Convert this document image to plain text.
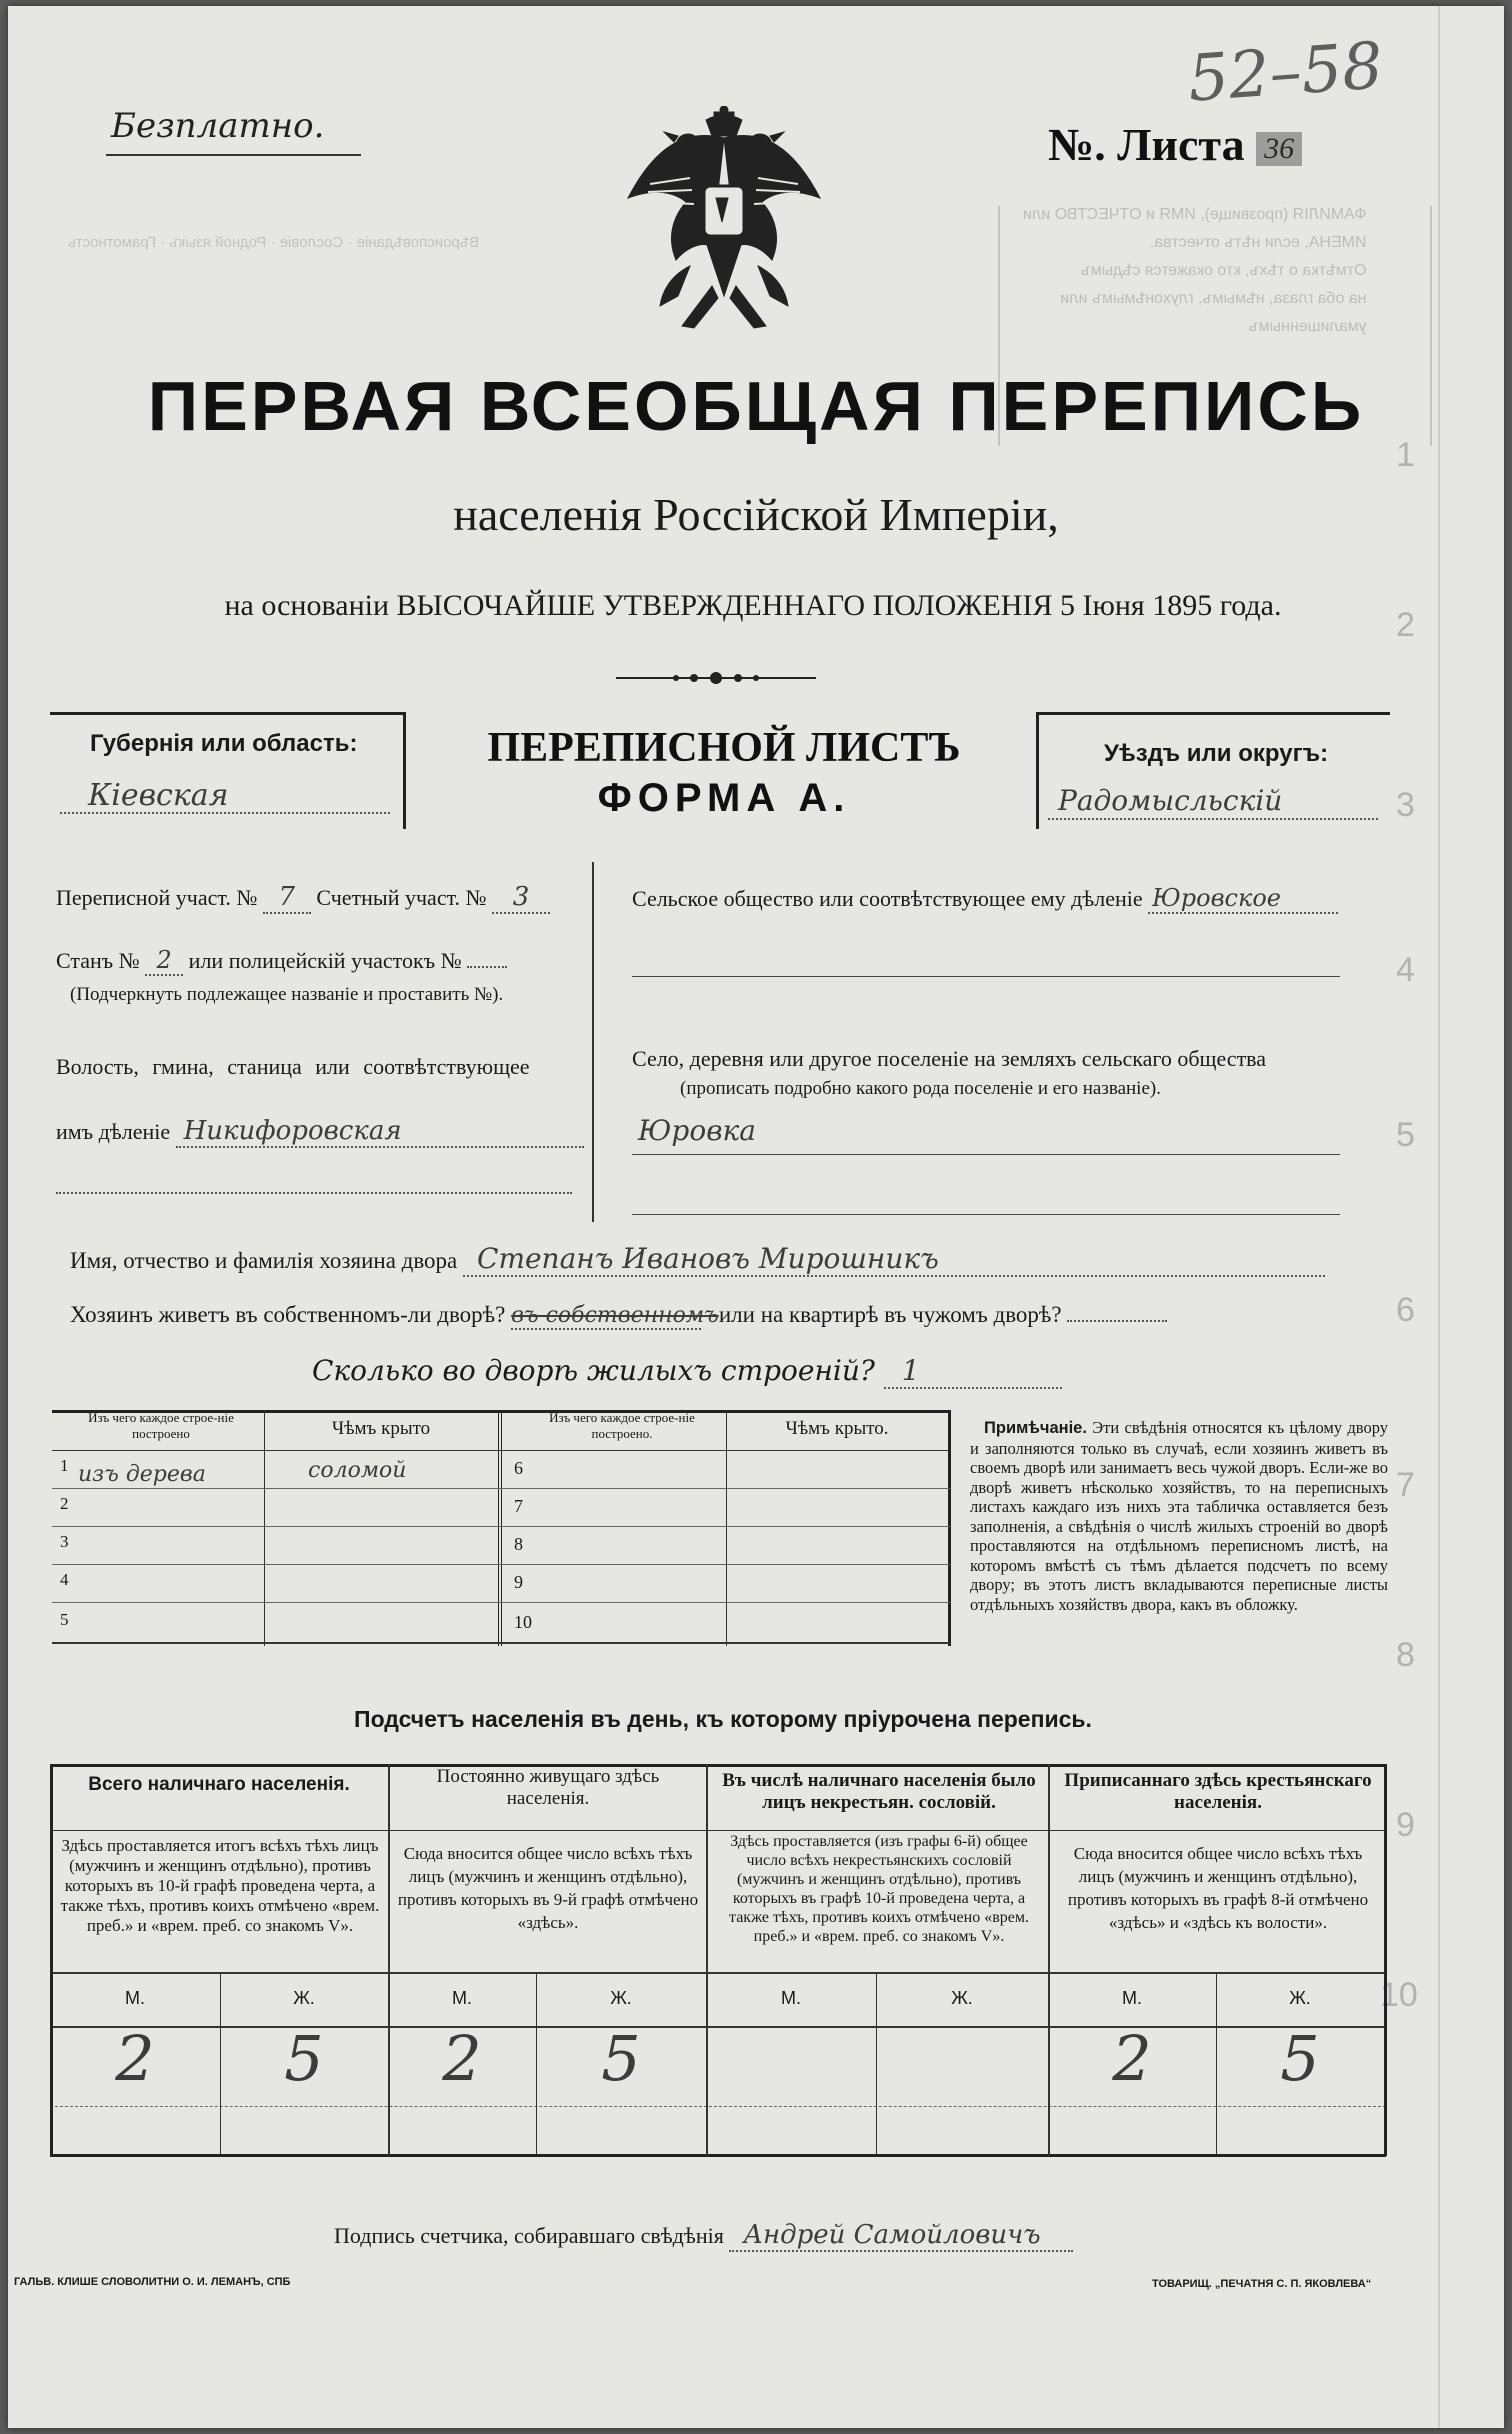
ФАМИЛІЯ (прозвище), ИМЯ и ОТЧЕСТВО или
ИМЕНА, если нѣтъ отчества.
Отмѣтка о тѣхъ, кто окажется сѣдымъ
на оба глаза, нѣмымъ, глухонѣмымъ или
умалишеннымъ
Вѣроисповѣданіе · Сословіе · Родной языкъ · Грамотность
1
2
3
4
5
6
7
8
9
10
Безплатно.	№. Листа 36
52–58
ПЕРВАЯ ВСЕОБЩАЯ ПЕРЕПИСЬ
населенія Россійской Имперіи,
на основаніи ВЫСОЧАЙШЕ УТВЕРЖДЕННАГО ПОЛОЖЕНІЯ 5 Іюня 1895 года.
Губернія или область:
Кіевская
ПЕРЕПИСНОЙ ЛИСТЪ
ФОРМА А.
Уѣздъ или округъ:
Радомысльскій
Переписной участ. № 7 Счетный участ. № 3
Станъ № 2 или полицейскій участокъ №
(Подчеркнуть подлежащее названіе и проставить №).
Волость, гмина, станица или соотвѣтствующее
имъ дѣленіе Никифоровская
Сельское общество или соотвѣтствующее ему дѣленіе Юровское
Село, деревня или другое поселеніе на земляхъ сельскаго общества
(прописать подробно какого рода поселеніе и его названіе).
Юровка
Имя, отчество и фамилія хозяина двора Степанъ Ивановъ Мирошникъ
Хозяинъ живетъ въ собственномъ-ли дворѣ? въ собственномъ или на квартирѣ въ чужомъ дворѣ?
Сколько во дворѣ жилыхъ строеній? 1
Изъ чего каждое строе-ніе построено	Чѣмъ крыто
Изъ чего каждое строе-ніе построено.	Чѣмъ крыто.
1 изъ дерева	соломой
2
3
4
5
6
7
8
9
10
Примѣчаніе. Эти свѣдѣнія относятся къ цѣлому двору и заполняются только въ случаѣ, если хозяинъ живетъ въ своемъ дворѣ или занимаетъ весь чужой дворъ. Если-же во дворѣ живетъ нѣсколько хозяйствъ, то на переписныхъ листахъ каждаго изъ нихъ эта табличка оставляется безъ заполненія, а свѣдѣнія о числѣ жилыхъ строеній во дворѣ проставляются на отдѣльномъ переписномъ листѣ, на которомъ вмѣстѣ съ тѣмъ дѣлается подсчетъ по всему двору; въ этотъ листъ вкладываются переписные листы отдѣльныхъ хозяйствъ двора, какъ въ обложку.
Подсчетъ населенія въ день, къ которому пріурочена перепись.
Всего наличнаго населенія.
Здѣсь проставляется итогъ всѣхъ тѣхъ лицъ (мужчинъ и женщинъ отдѣльно), противъ которыхъ въ 10-й графѣ проведена черта, а также тѣхъ, противъ коихъ отмѣчено «врем. преб.» и «врем. преб. со знакомъ V».
М.	Ж.
2	5
Постоянно живущаго здѣсь населенія.
Сюда вносится общее число всѣхъ тѣхъ лицъ (мужчинъ и женщинъ отдѣльно), противъ которыхъ въ 9-й графѣ отмѣчено «здѣсь».
М.	Ж.
2	5
Въ числѣ наличнаго населенія было лицъ некрестьян. сословій.
Здѣсь проставляется (изъ графы 6-й) общее число всѣхъ некрестьянскихъ сословій (мужчинъ и женщинъ отдѣльно), противъ которыхъ въ графѣ 10-й проведена черта, а также тѣхъ, противъ коихъ отмѣчено «врем. преб.» и «врем. преб. со знакомъ V».
М.	Ж.
Приписаннаго здѣсь крестьянскаго населенія.
Сюда вносится общее число всѣхъ тѣхъ лицъ (мужчинъ и женщинъ отдѣльно), противъ которыхъ въ графѣ 8-й отмѣчено «здѣсь» и «здѣсь къ волости».
М.	Ж.
2	5
Подпись счетчика, собиравшаго свѣдѣнія Андрей Самойловичъ
ГАЛЬВ. КЛИШЕ СЛОВОЛИТНИ О. И. ЛЕМАНЪ, СПБ	ТОВАРИЩ. „ПЕЧАТНЯ С. П. ЯКОВЛЕВА“
